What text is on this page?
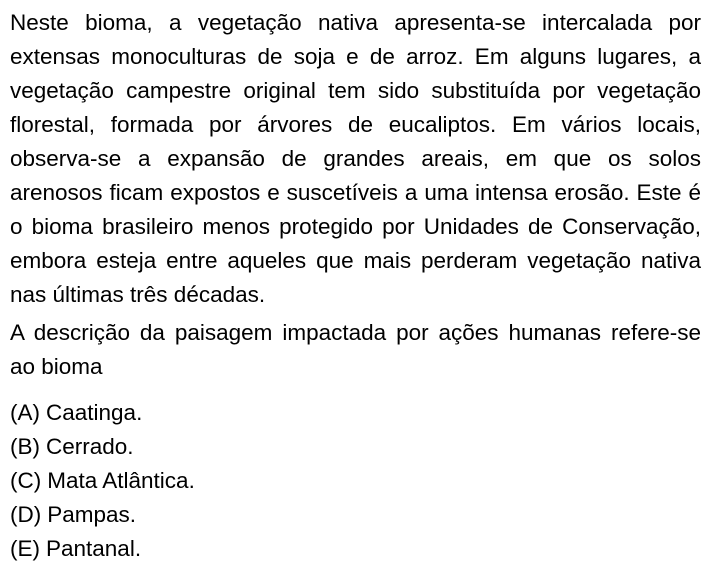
Neste bioma, a vegetação nativa apresenta-se intercalada por extensas monoculturas de soja e de arroz. Em alguns lugares, a vegetação campestre original tem sido substituída por vegetação florestal, formada por árvores de eucaliptos. Em vários locais, observa-se a expansão de grandes areais, em que os solos arenosos ficam expostos e suscetíveis a uma intensa erosão. Este é o bioma brasileiro menos protegido por Unidades de Conservação, embora esteja entre aqueles que mais perderam vegetação nativa nas últimas três décadas.

A descrição da paisagem impactada por ações humanas refere-se ao bioma

(A) Caatinga.
(B) Cerrado.
(C) Mata Atlântica.
(D) Pampas.
(E) Pantanal.
